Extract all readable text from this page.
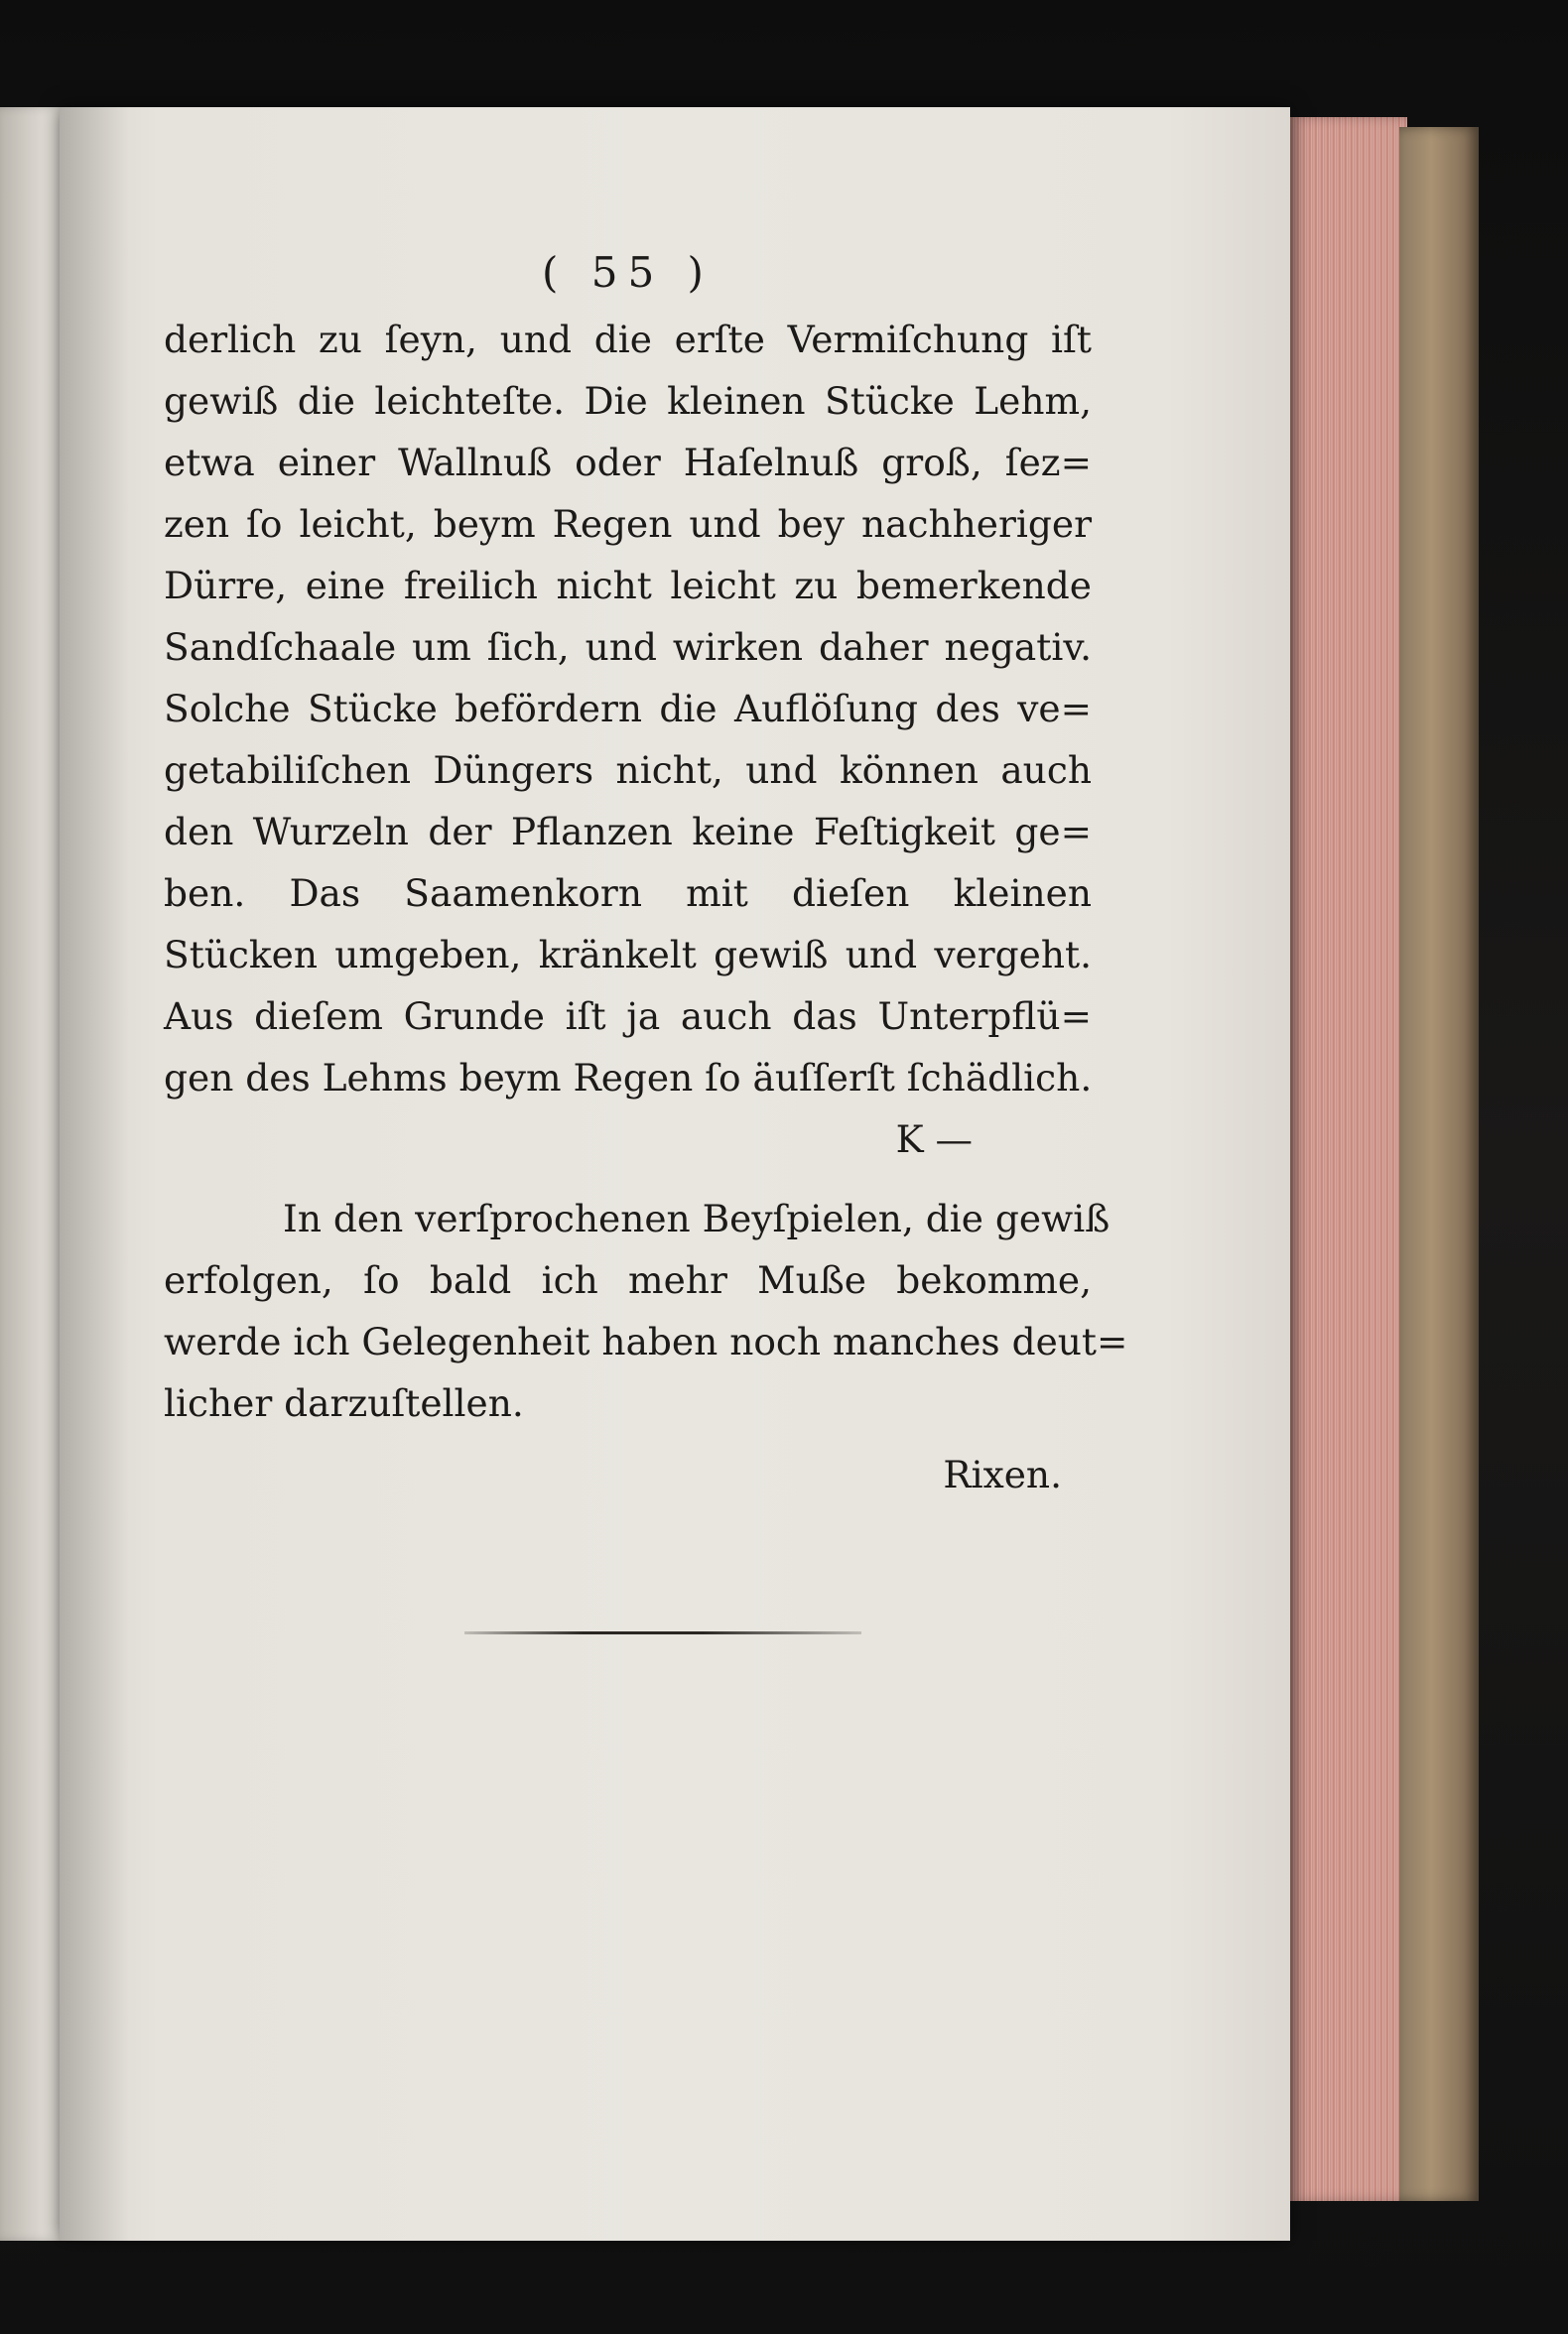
( 55 )
derlich zu ſeyn, und die erſte Vermiſchung iſt
gewiß die leichteſte. Die kleinen Stücke Lehm,
etwa einer Wallnuß oder Haſelnuß groß, ſez=
zen ſo leicht, beym Regen und bey nachheriger
Dürre, eine freilich nicht leicht zu bemerkende
Sandſchaale um ſich, und wirken daher negativ.
Solche Stücke befördern die Auflöſung des ve=
getabiliſchen Düngers nicht, und können auch
den Wurzeln der Pflanzen keine Feſtigkeit ge=
ben. Das Saamenkorn mit dieſen kleinen
Stücken umgeben, kränkelt gewiß und vergeht.
Aus dieſem Grunde iſt ja auch das Unterpflü=
gen des Lehms beym Regen ſo äuſſerſt ſchädlich.
K —
In den verſprochenen Beyſpielen, die gewiß
erfolgen, ſo bald ich mehr Muße bekomme,
werde ich Gelegenheit haben noch manches deut=
licher darzuſtellen.
Rixen.
